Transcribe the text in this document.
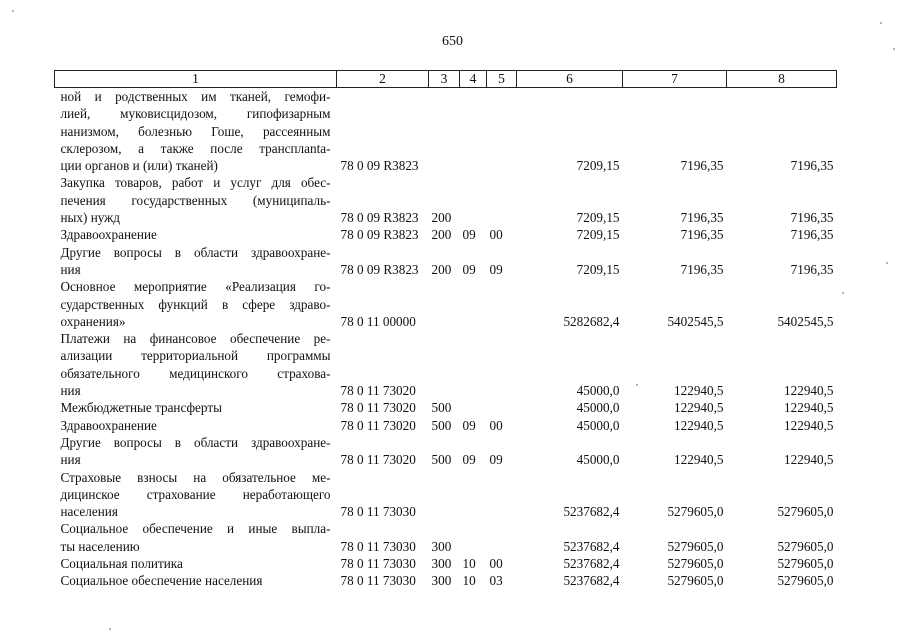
650
1	2	3	4	5	6	7	8

ной и родственных им тканей, гемофи-
лией, муковисцидозом, гипофизарным
нанизмом, болезнью Гоше, рассеянным
склерозом, а также после трансплanta-
ции органов и (или) тканей)	78 0 09 R3823				7209,15	7196,35	7196,35

Закупка товаров, работ и услуг для обес-
печения государственных (муниципаль-
ных) нужд	78 0 09 R3823	200			7209,15	7196,35	7196,35

Здравоохранение	78 0 09 R3823	200	09	00	7209,15	7196,35	7196,35

Другие вопросы в области здравоохране-
ния	78 0 09 R3823	200	09	09	7209,15	7196,35	7196,35

Основное мероприятие «Реализация го-
сударственных функций в сфере здраво-
охранения»	78 0 11 00000				5282682,4	5402545,5	5402545,5

Платежи на финансовое обеспечение ре-
ализации территориальной программы
обязательного медицинского страхова-
ния	78 0 11 73020				45000,0	122940,5	122940,5

Межбюджетные трансферты	78 0 11 73020	500			45000,0	122940,5	122940,5

Здравоохранение	78 0 11 73020	500	09	00	45000,0	122940,5	122940,5

Другие вопросы в области здравоохране-
ния	78 0 11 73020	500	09	09	45000,0	122940,5	122940,5

Страховые взносы на обязательное ме-
дицинское страхование неработающего
населения	78 0 11 73030				5237682,4	5279605,0	5279605,0

Социальное обеспечение и иные выпла-
ты населению	78 0 11 73030	300			5237682,4	5279605,0	5279605,0

Социальная политика	78 0 11 73030	300	10	00	5237682,4	5279605,0	5279605,0

Социальное обеспечение населения	78 0 11 73030	300	10	03	5237682,4	5279605,0	5279605,0
